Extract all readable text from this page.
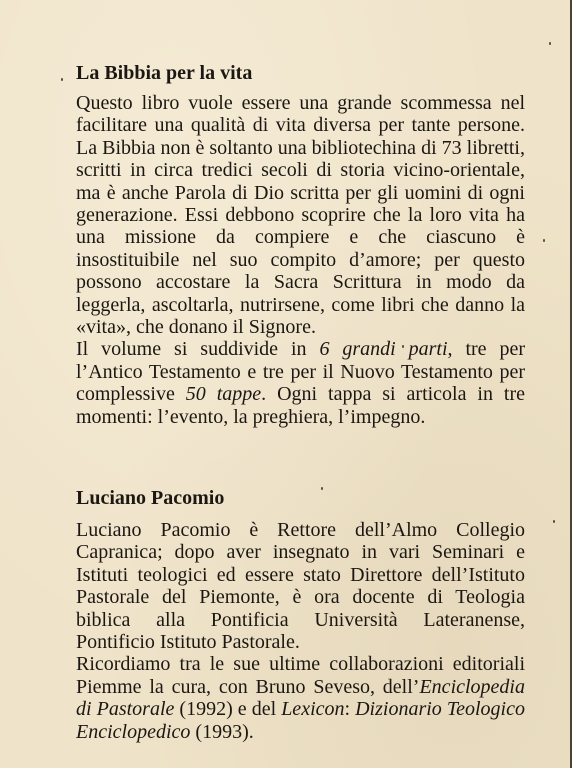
La Bibbia per la vita

Questo libro vuole essere una grande scommessa nel facilitare una qualità di vita diversa per tante persone. La Bibbia non è soltanto una bibliotechina di 73 libretti, scritti in circa tredici secoli di storia vicino-orientale, ma è anche Parola di Dio scritta per gli uomini di ogni generazione. Essi debbono scoprire che la loro vita ha una missione da compiere e che ciascuno è insostituibile nel suo compito d’amore; per questo possono accostare la Sacra Scrittura in modo da leggerla, ascoltarla, nutrirsene, come libri che danno la «vita», che donano il Signore.

Il volume si suddivide in 6 grandi parti, tre per l’Antico Testamento e tre per il Nuovo Testamento per complessive 50 tappe. Ogni tappa si articola in tre momenti: l’evento, la preghiera, l’impegno.

Luciano Pacomio

Luciano Pacomio è Rettore dell’Almo Collegio Capranica; dopo aver insegnato in vari Seminari e Istituti teologici ed essere stato Direttore dell’Istituto Pastorale del Piemonte, è ora docente di Teologia biblica alla Pontificia Università Lateranense, Pontificio Istituto Pastorale.

Ricordiamo tra le sue ultime collaborazioni editoriali Piemme la cura, con Bruno Seveso, dell’Enciclopedia di Pastorale (1992) e del Lexicon: Dizionario Teologico Enciclopedico (1993).
